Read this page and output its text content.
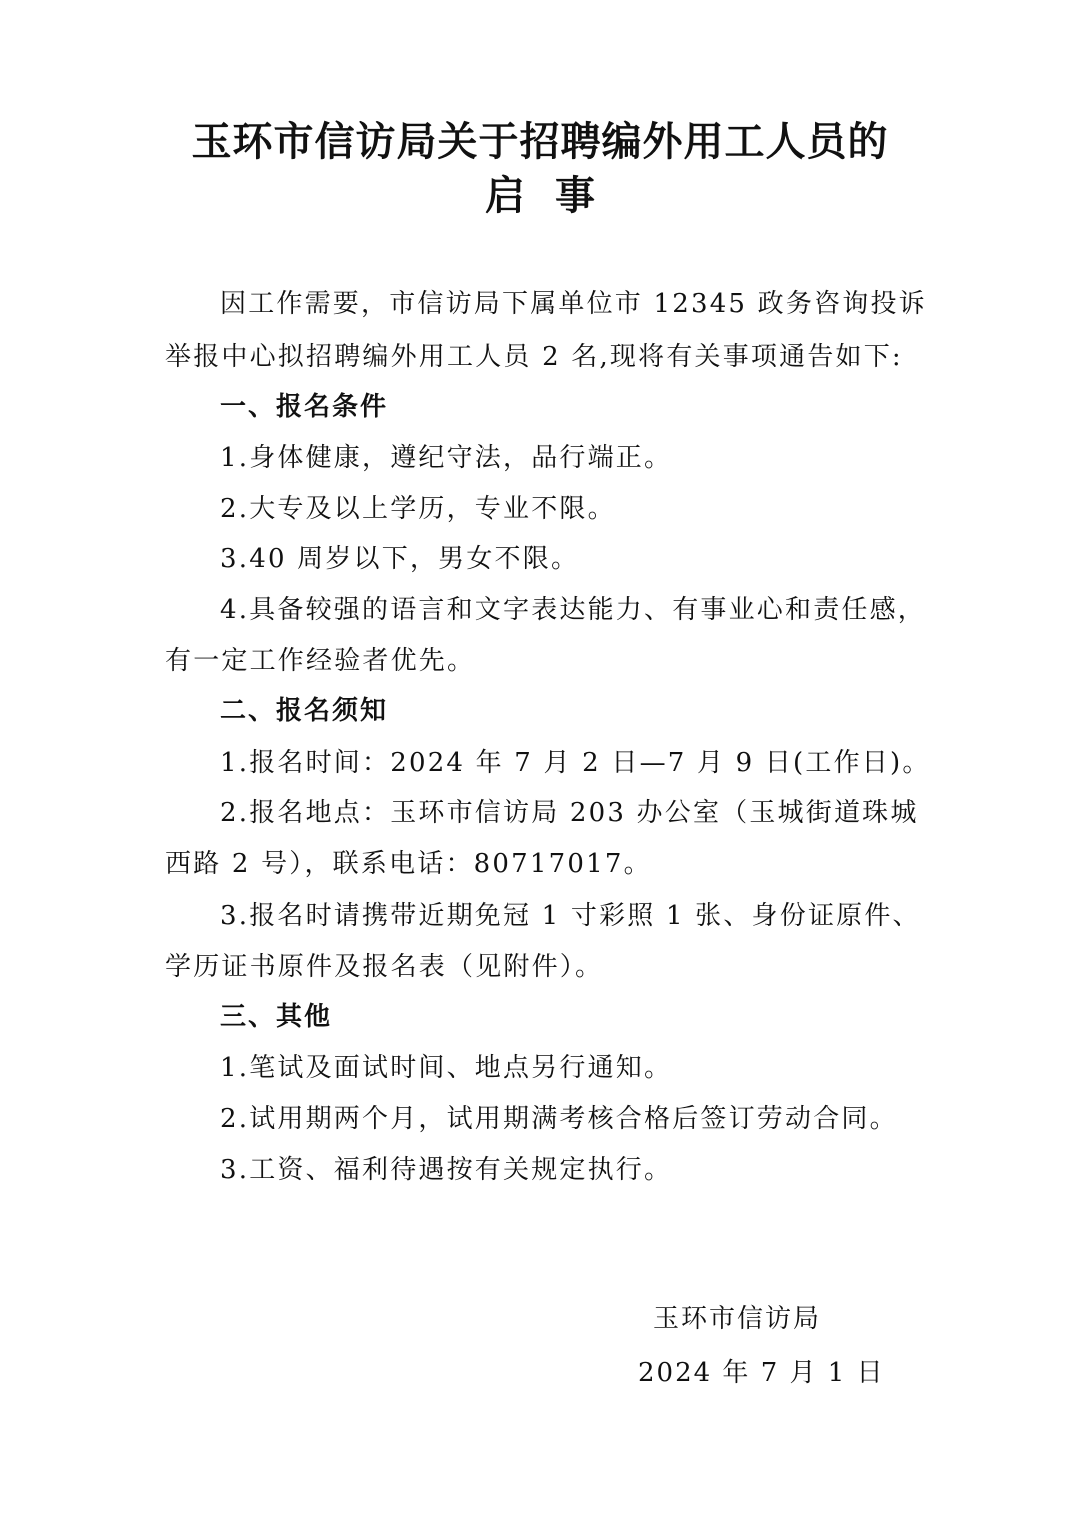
玉环市信访局关于招聘编外用工人员的
启事
因工作需要，市信访局下属单位市 12345 政务咨询投诉
举报中心拟招聘编外用工人员 2 名,现将有关事项通告如下:
一、报名条件
1.身体健康，遵纪守法，品行端正。
2.大专及以上学历，专业不限。
3.40 周岁以下，男女不限。
4.具备较强的语言和文字表达能力、有事业心和责任感，
有一定工作经验者优先。
二、报名须知
1.报名时间：2024 年 7 月 2 日—7 月 9 日(工作日)。
2.报名地点：玉环市信访局 203 办公室（玉城街道珠城
西路 2 号），联系电话：80717017。
3.报名时请携带近期免冠 1 寸彩照 1 张、身份证原件、
学历证书原件及报名表（见附件）。
三、其他
1.笔试及面试时间、地点另行通知。
2.试用期两个月，试用期满考核合格后签订劳动合同。
3.工资、福利待遇按有关规定执行。
玉环市信访局
2024 年 7 月 1 日
